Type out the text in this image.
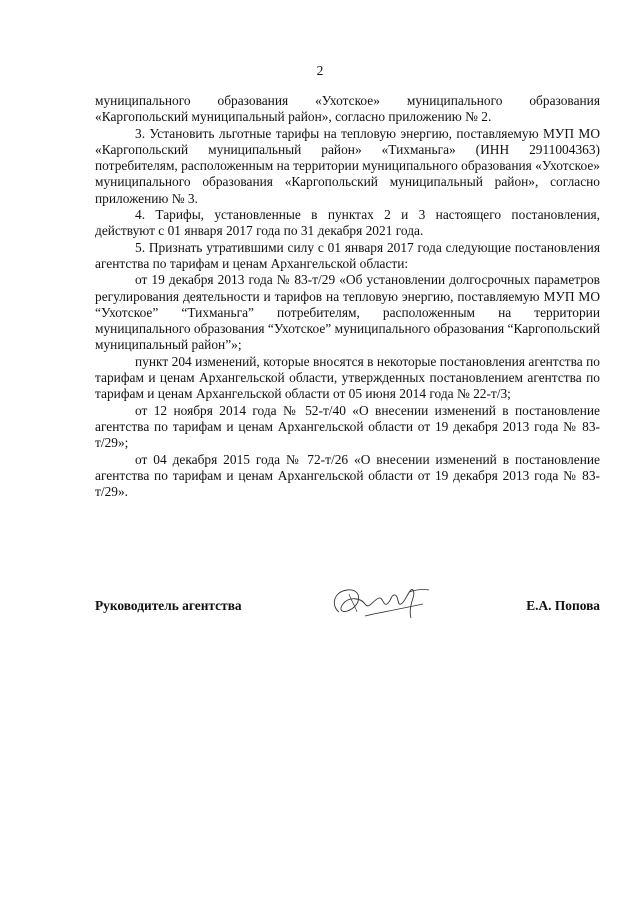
2

муниципального образования «Ухотское» муниципального образования «Каргопольский муниципальный район», согласно приложению № 2.

3. Установить льготные тарифы на тепловую энергию, поставляемую МУП МО «Каргопольский муниципальный район» «Тихманьга» (ИНН 2911004363) потребителям, расположенным на территории муниципального образования «Ухотское» муниципального образования «Каргопольский муниципальный район», согласно приложению № 3.

4. Тарифы, установленные в пунктах 2 и 3 настоящего постановления, действуют с 01 января 2017 года по 31 декабря 2021 года.

5. Признать утратившими силу с 01 января 2017 года следующие постановления агентства по тарифам и ценам Архангельской области:

от 19 декабря 2013 года № 83-т/29 «Об установлении долгосрочных параметров регулирования деятельности и тарифов на тепловую энергию, поставляемую МУП МО “Ухотское” “Тихманьга” потребителям, расположенным на территории муниципального образования “Ухотское” муниципального образования “Каргопольский муниципальный район”»;

пункт 204 изменений, которые вносятся в некоторые постановления агентства по тарифам и ценам Архангельской области, утвержденных постановлением агентства по тарифам и ценам Архангельской области от 05 июня 2014 года № 22-т/3;

от 12 ноября 2014 года № 52-т/40 «О внесении изменений в постановление агентства по тарифам и ценам Архангельской области от 19 декабря 2013 года № 83-т/29»;

от 04 декабря 2015 года № 72-т/26 «О внесении изменений в постановление агентства по тарифам и ценам Архангельской области от 19 декабря 2013 года № 83-т/29».

Руководитель агентства	Е.А. Попова
